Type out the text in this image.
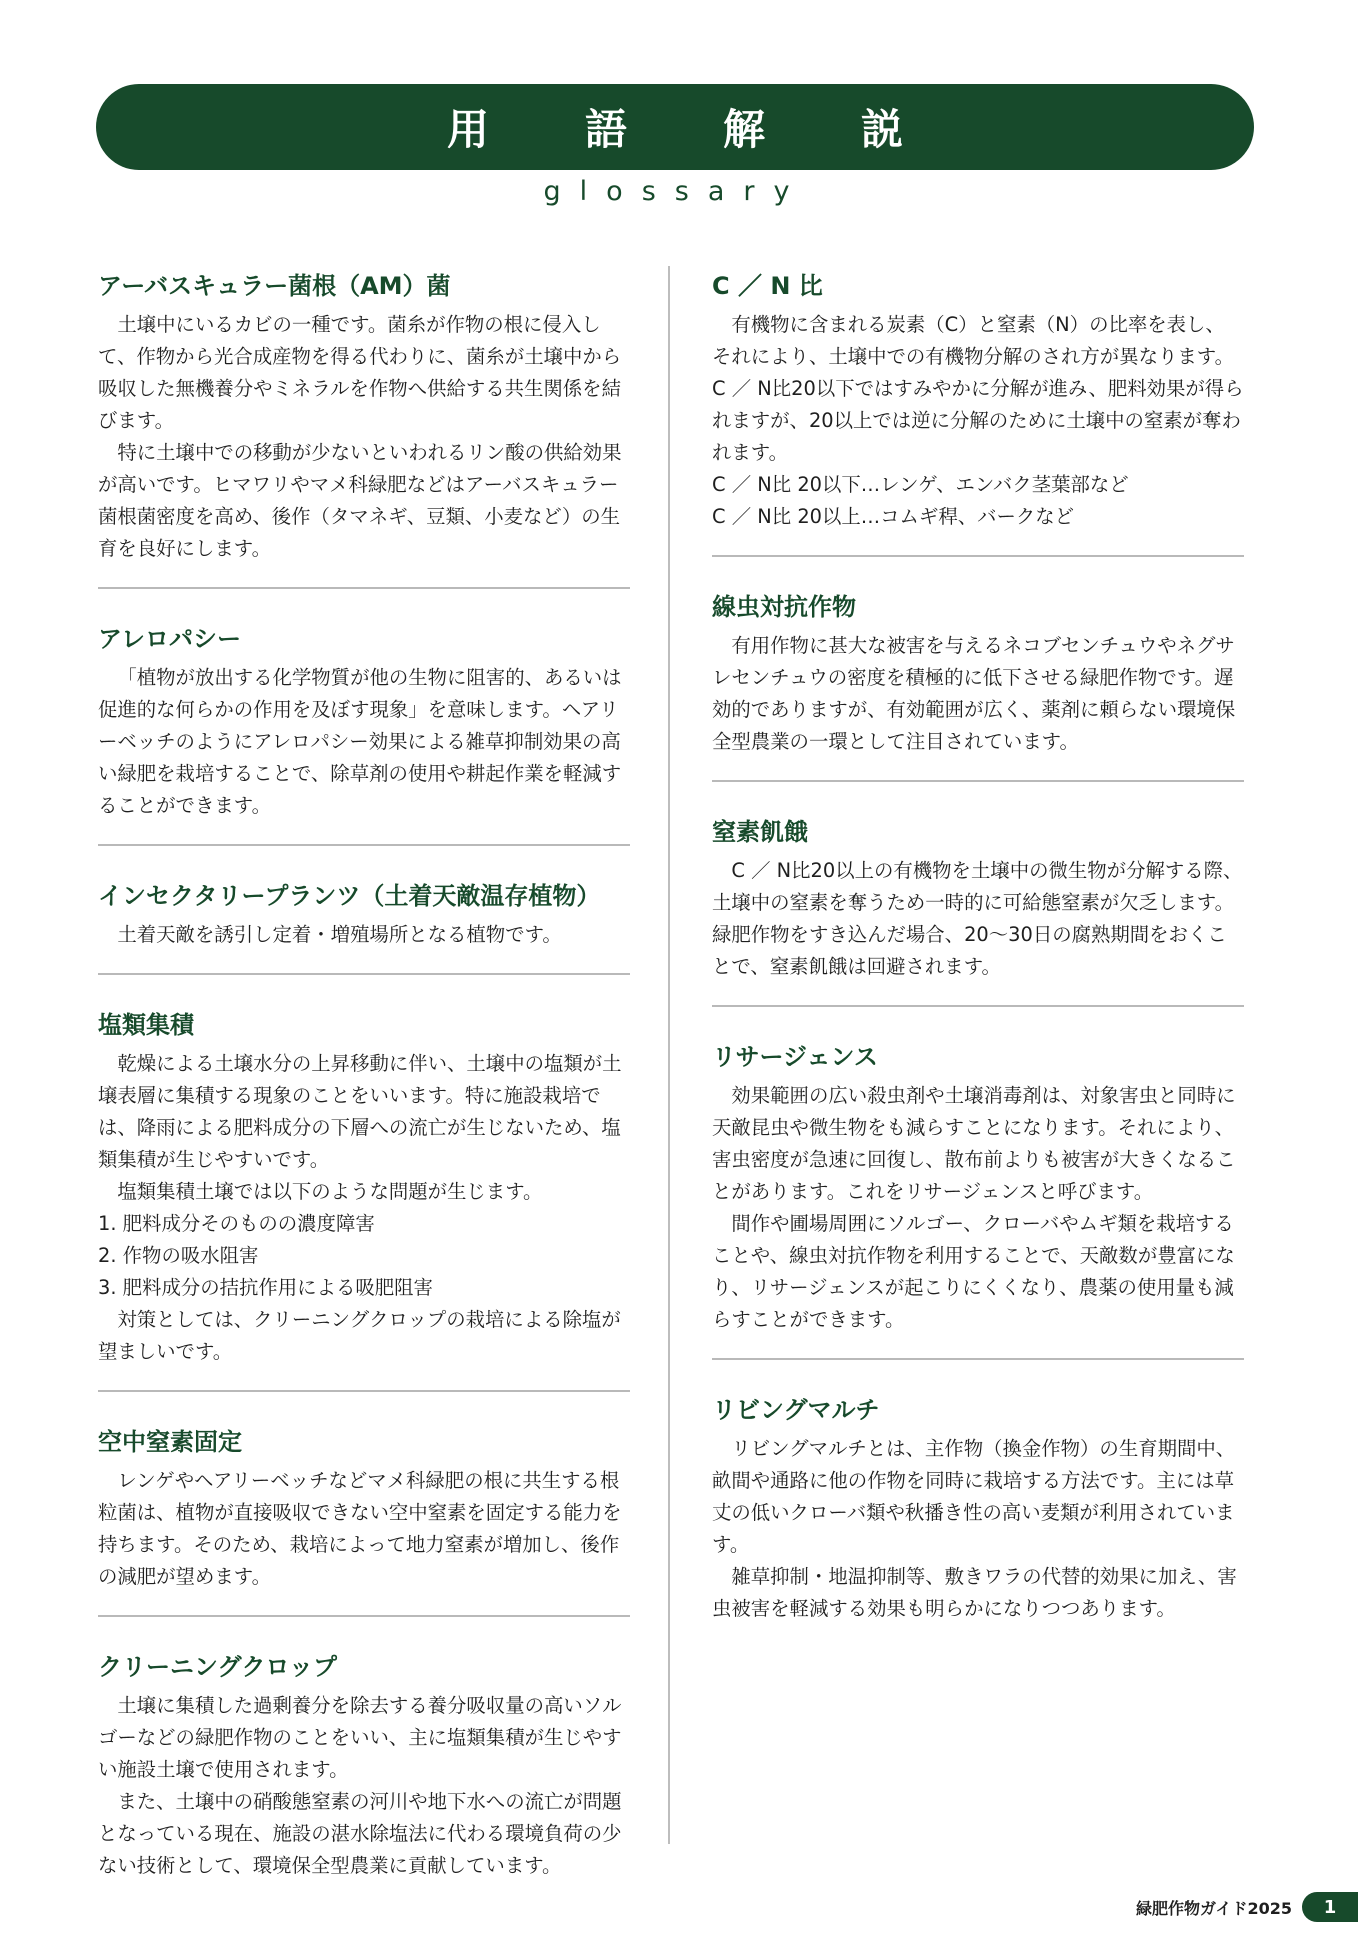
用語解説
glossary
アーバスキュラー菌根（AM）菌

土壌中にいるカビの一種です。菌糸が作物の根に侵入して、作物から光合成産物を得る代わりに、菌糸が土壌中から吸収した無機養分やミネラルを作物へ供給する共生関係を結びます。

特に土壌中での移動が少ないといわれるリン酸の供給効果が高いです。ヒマワリやマメ科緑肥などはアーバスキュラー菌根菌密度を高め、後作（タマネギ、豆類、小麦など）の生育を良好にします。

アレロパシー

「植物が放出する化学物質が他の生物に阻害的、あるいは促進的な何らかの作用を及ぼす現象」を意味します。ヘアリーベッチのようにアレロパシー効果による雑草抑制効果の高い緑肥を栽培することで、除草剤の使用や耕起作業を軽減することができます。

インセクタリープランツ（土着天敵温存植物）

土着天敵を誘引し定着・増殖場所となる植物です。

塩類集積

乾燥による土壌水分の上昇移動に伴い、土壌中の塩類が土壌表層に集積する現象のことをいいます。特に施設栽培では、降雨による肥料成分の下層への流亡が生じないため、塩類集積が生じやすいです。

塩類集積土壌では以下のような問題が生じます。

1. 肥料成分そのものの濃度障害

2. 作物の吸水阻害

3. 肥料成分の拮抗作用による吸肥阻害

対策としては、クリーニングクロップの栽培による除塩が望ましいです。

空中窒素固定

レンゲやヘアリーベッチなどマメ科緑肥の根に共生する根粒菌は、植物が直接吸収できない空中窒素を固定する能力を持ちます。そのため、栽培によって地力窒素が増加し、後作の減肥が望めます。

クリーニングクロップ

土壌に集積した過剰養分を除去する養分吸収量の高いソルゴーなどの緑肥作物のことをいい、主に塩類集積が生じやすい施設土壌で使用されます。

また、土壌中の硝酸態窒素の河川や地下水への流亡が問題となっている現在、施設の湛水除塩法に代わる環境負荷の少ない技術として、環境保全型農業に貢献しています。

C ／ N 比

有機物に含まれる炭素（C）と窒素（N）の比率を表し、それにより、土壌中での有機物分解のされ方が異なります。C ／ N比20以下ではすみやかに分解が進み、肥料効果が得られますが、20以上では逆に分解のために土壌中の窒素が奪われます。

C ／ N比 20以下…レンゲ、エンバク茎葉部など

C ／ N比 20以上…コムギ稈、バークなど

線虫対抗作物

有用作物に甚大な被害を与えるネコブセンチュウやネグサレセンチュウの密度を積極的に低下させる緑肥作物です。遅効的でありますが、有効範囲が広く、薬剤に頼らない環境保全型農業の一環として注目されています。

窒素飢餓

C ／ N比20以上の有機物を土壌中の微生物が分解する際、土壌中の窒素を奪うため一時的に可給態窒素が欠乏します。緑肥作物をすき込んだ場合、20〜30日の腐熟期間をおくことで、窒素飢餓は回避されます。

リサージェンス

効果範囲の広い殺虫剤や土壌消毒剤は、対象害虫と同時に天敵昆虫や微生物をも減らすことになります。それにより、害虫密度が急速に回復し、散布前よりも被害が大きくなることがあります。これをリサージェンスと呼びます。

間作や圃場周囲にソルゴー、クローバやムギ類を栽培することや、線虫対抗作物を利用することで、天敵数が豊富になり、リサージェンスが起こりにくくなり、農薬の使用量も減らすことができます。

リビングマルチ

リビングマルチとは、主作物（換金作物）の生育期間中、畝間や通路に他の作物を同時に栽培する方法です。主には草丈の低いクローバ類や秋播き性の高い麦類が利用されています。

雑草抑制・地温抑制等、敷きワラの代替的効果に加え、害虫被害を軽減する効果も明らかになりつつあります。

緑肥作物ガイド2025	1
